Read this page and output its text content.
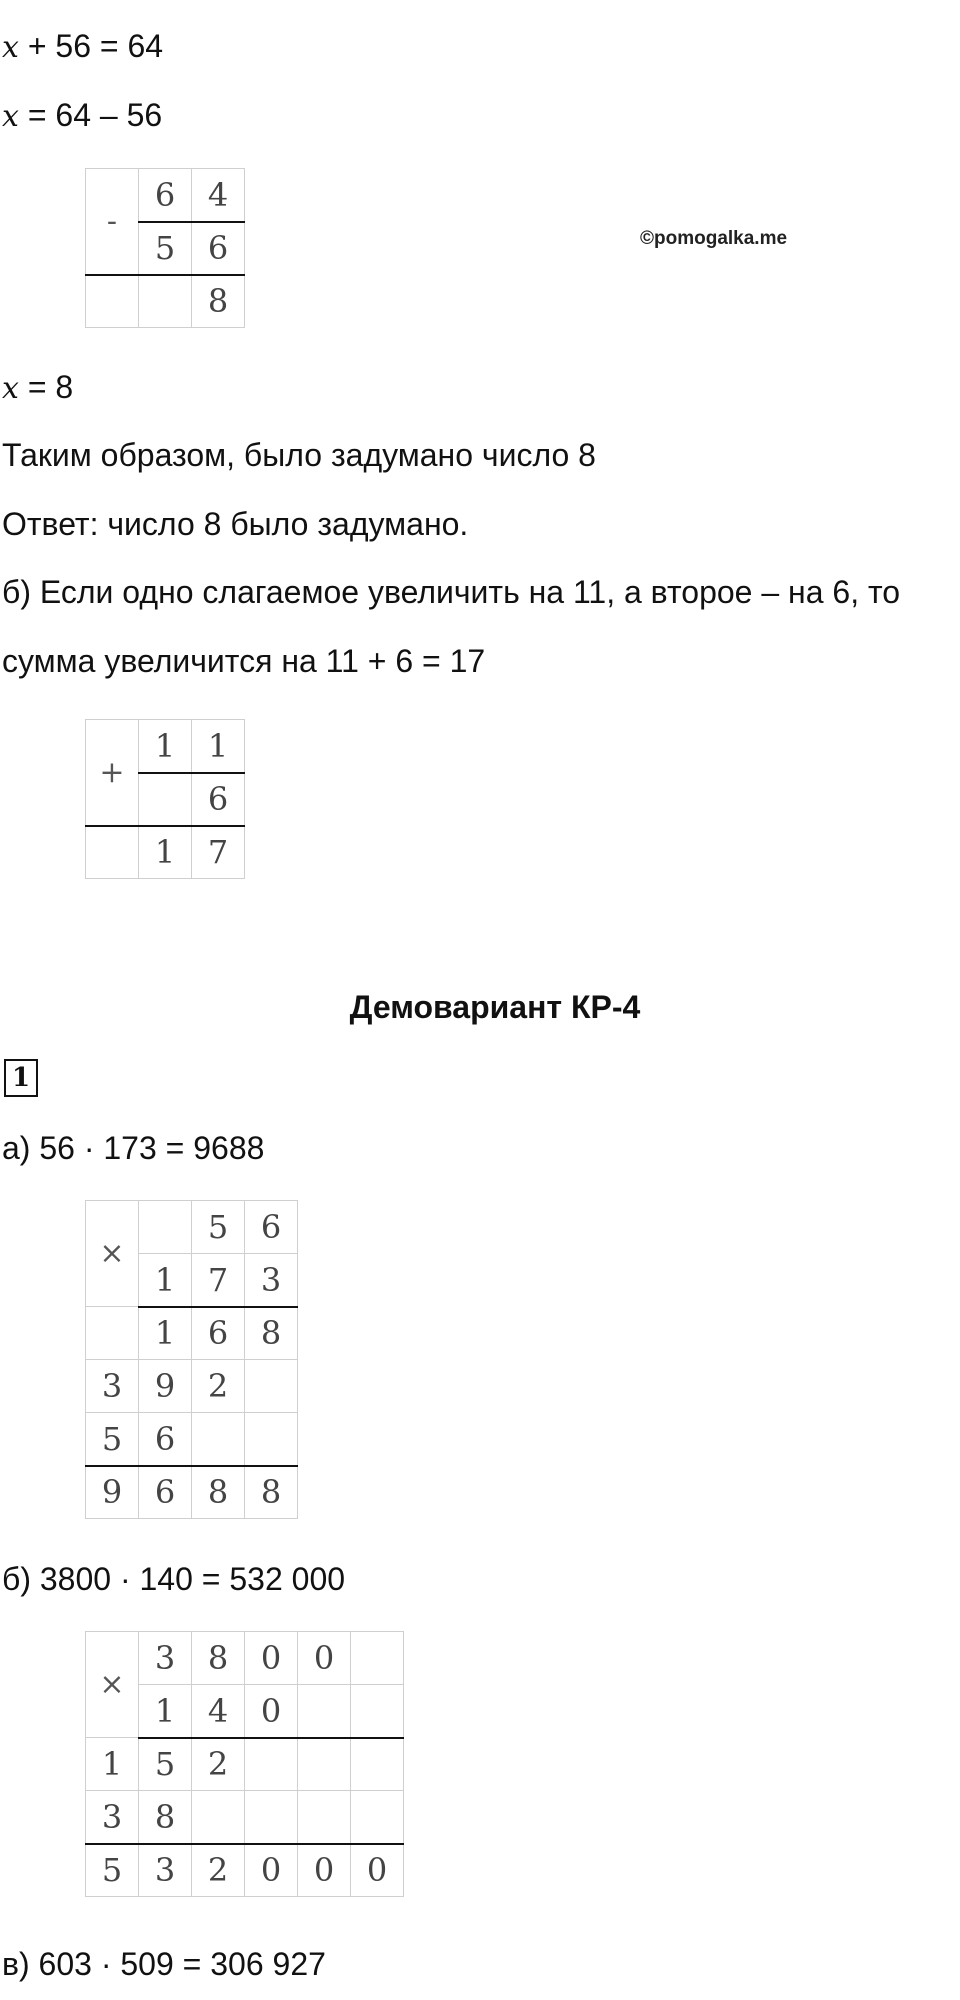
x + 56 = 64
x = 64 – 56
-	6	4
	5	6
		8
©pomogalka.me
x = 8
Таким образом, было задумано число 8
Ответ: число 8 было задумано.
б) Если одно слагаемое увеличить на 11, а второе – на 6, то
сумма увеличится на 11 + 6 = 17
+	1	1
		6
	1	7
Демовариант КР-4
1
а) 56 · 173 = 9688
×		5	6
	1	7	3
	1	6	8
3	9	2	
5	6		
9	6	8	8
б) 3800 · 140 = 532 000
×	3	8	0	0	
	1	4	0		
1	5	2			
3	8				
5	3	2	0	0	0
в) 603 · 509 = 306 927
